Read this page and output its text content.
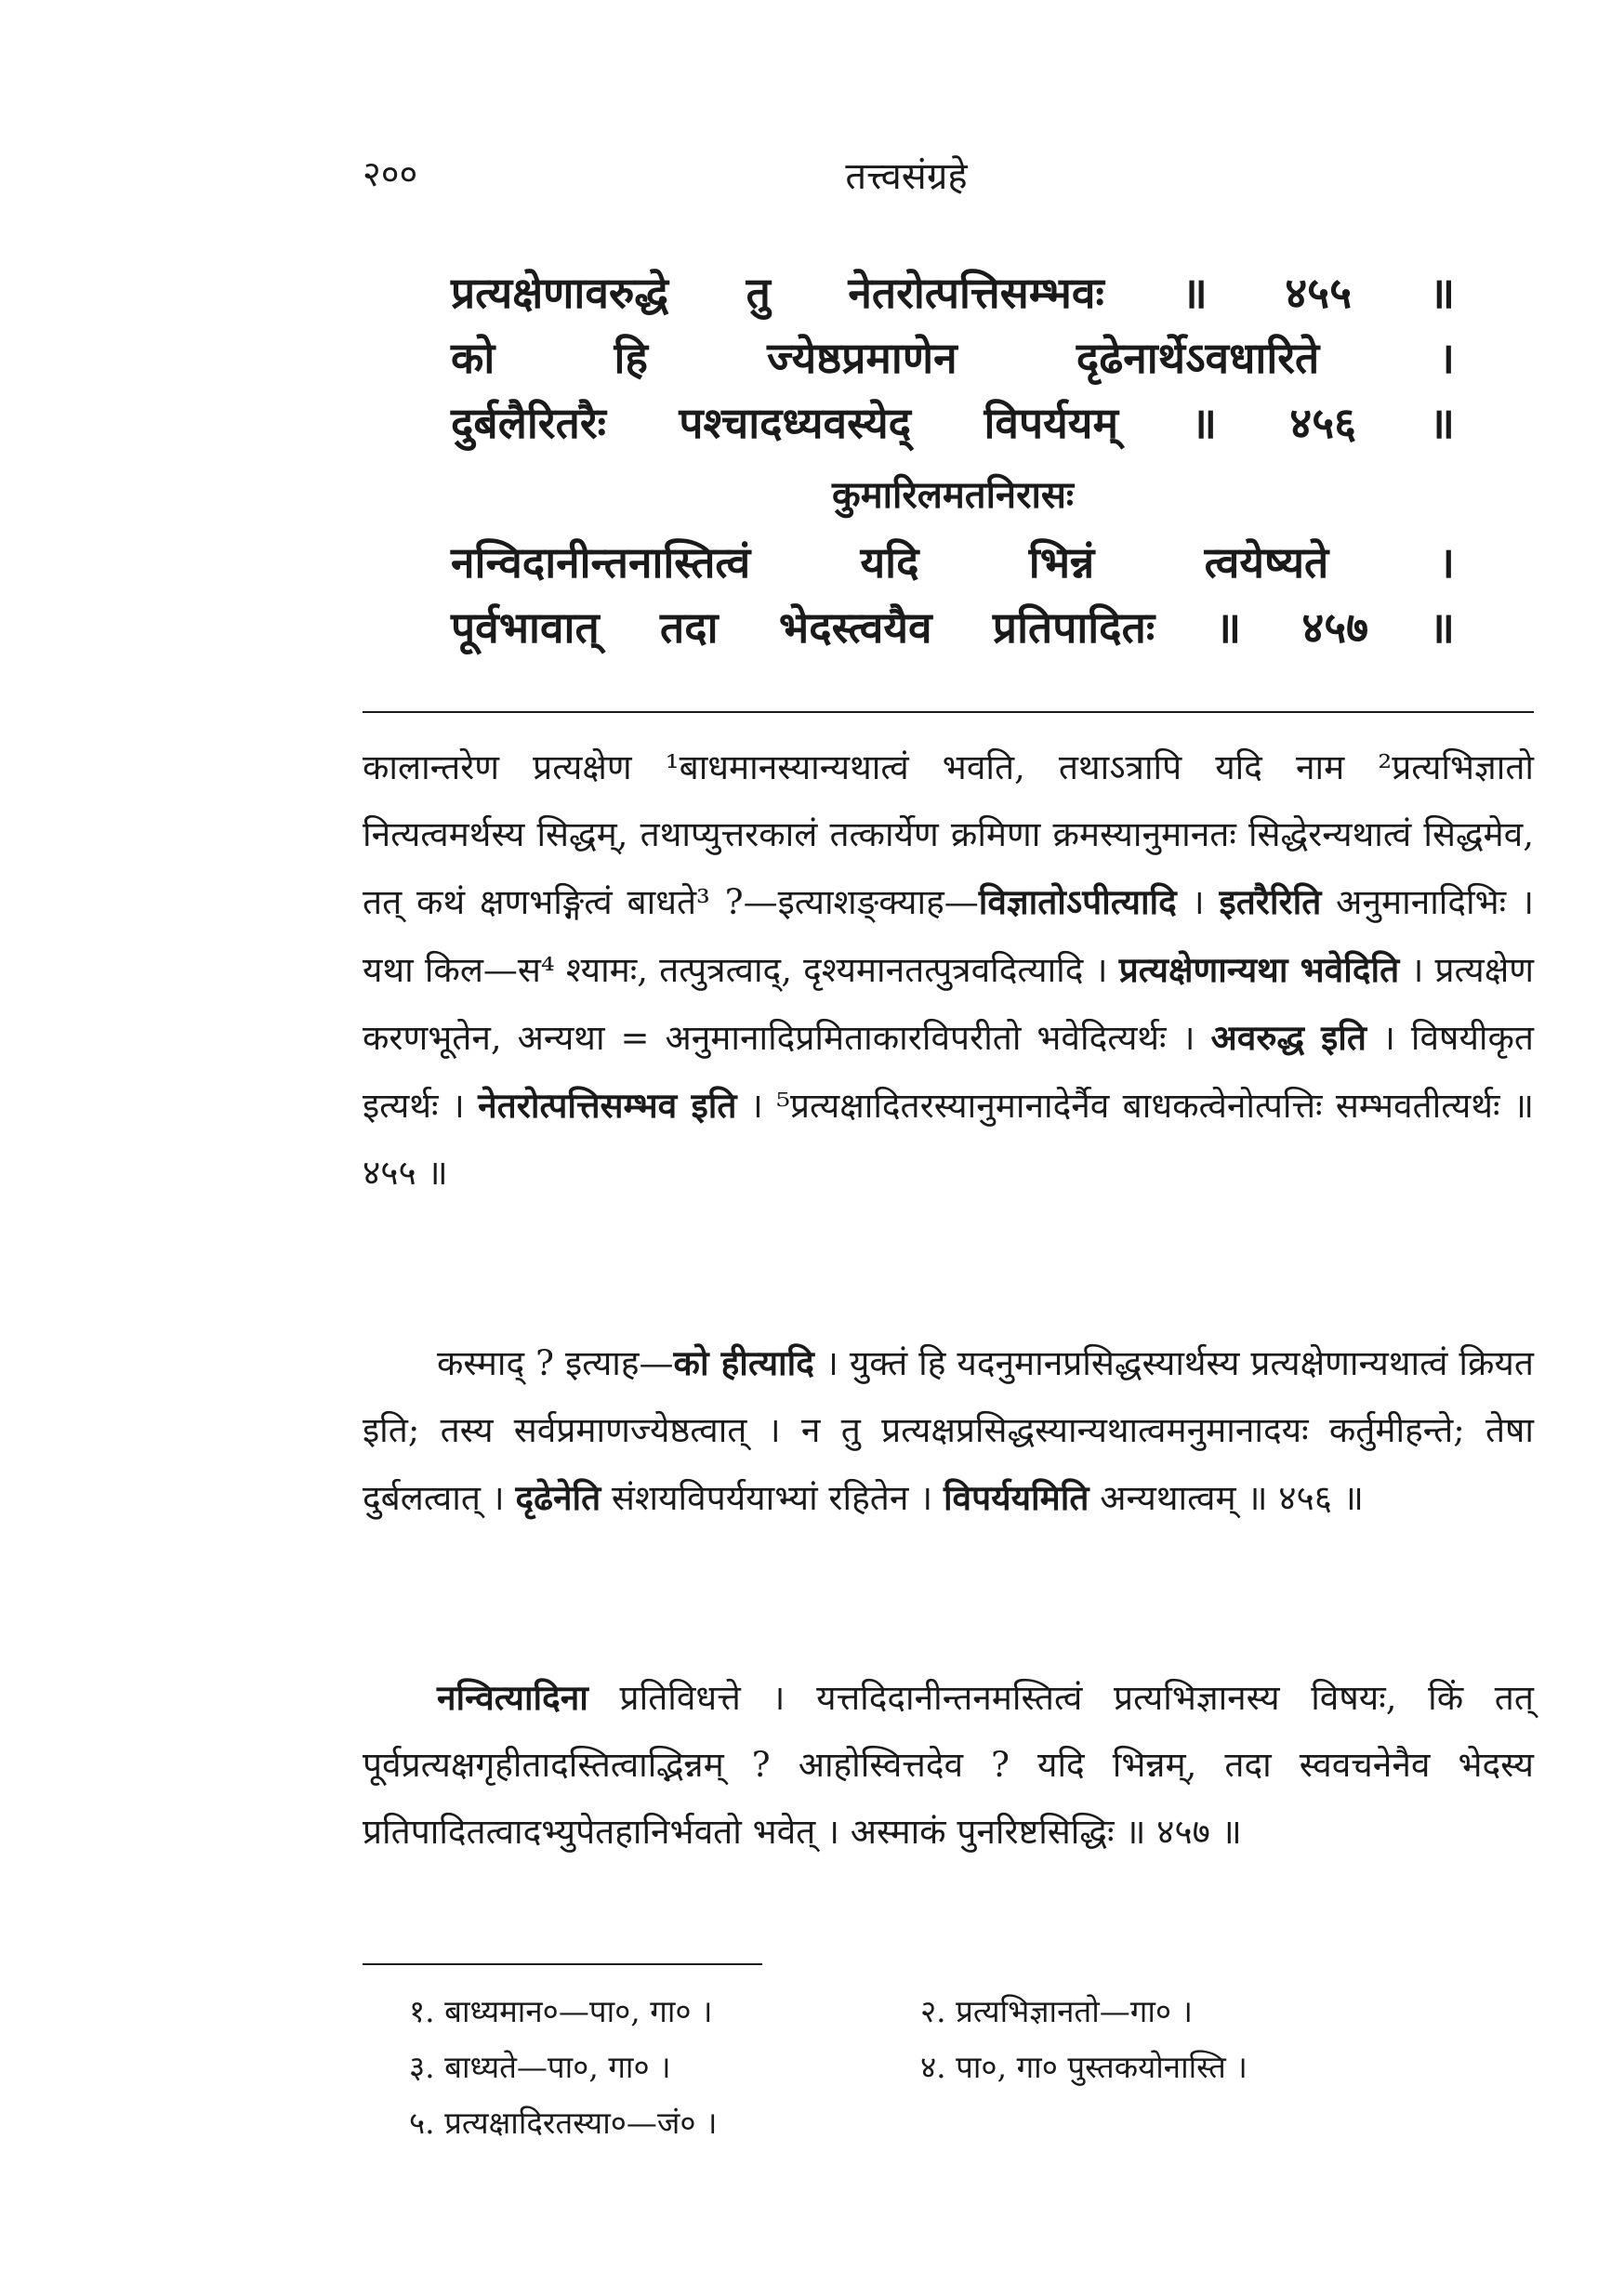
२००	तत्त्वसंग्रहे
प्रत्यक्षेणावरुद्धे तु नेतरोत्पत्तिसम्भवः ॥ ४५५ ॥
को हि ज्येष्ठप्रमाणेन दृढेनार्थेऽवधारिते ।
दुर्बलैरितरैः पश्चादध्यवस्येद् विपर्ययम् ॥ ४५६ ॥
कुमारिलमतनिरासः
नन्विदानीन्तनास्तित्वं यदि भिन्नं त्वयेष्यते ।
पूर्वभावात् तदा भेदस्त्वयैव प्रतिपादितः ॥ ४५७ ॥

कालान्तरेण प्रत्यक्षेण ¹बाधमानस्यान्यथात्वं भवति, तथाऽत्रापि यदि नाम ²प्रत्यभिज्ञातो नित्यत्वमर्थस्य सिद्धम्, तथाप्युत्तरकालं तत्कार्येण क्रमिणा क्रमस्यानुमानतः सिद्धेरन्यथात्वं सिद्धमेव, तत् कथं क्षणभङ्गित्वं बाधते³ ?—इत्याशङ्क्याह—विज्ञातोऽपीत्यादि । इतरैरिति अनुमानादिभिः । यथा किल—स⁴ श्यामः, तत्पुत्रत्वाद्, दृश्यमानतत्पुत्रवदित्यादि । प्रत्यक्षेणान्यथा भवेदिति । प्रत्यक्षेण करणभूतेन, अन्यथा = अनुमानादिप्रमिताकारविपरीतो भवेदित्यर्थः । अवरुद्ध इति । विषयीकृत इत्यर्थः । नेतरोत्पत्तिसम्भव इति । ⁵प्रत्यक्षादितरस्यानुमानादेर्नैव बाधकत्वेनोत्पत्तिः सम्भवतीत्यर्थः ॥ ४५५ ॥

कस्माद् ? इत्याह—को हीत्यादि । युक्तं हि यदनुमानप्रसिद्धस्यार्थस्य प्रत्यक्षेणान्यथात्वं क्रियत इति; तस्य सर्वप्रमाणज्येष्ठत्वात् । न तु प्रत्यक्षप्रसिद्धस्यान्यथात्वमनुमानादयः कर्तुमीहन्ते; तेषा दुर्बलत्वात् । दृढेनेति संशयविपर्ययाभ्यां रहितेन । विपर्ययमिति अन्यथात्वम् ॥ ४५६ ॥

नन्वित्यादिना प्रतिविधत्ते । यत्तदिदानीन्तनमस्तित्वं प्रत्यभिज्ञानस्य विषयः, किं तत् पूर्वप्रत्यक्षगृहीतादस्तित्वाद्भिन्नम् ? आहोस्वित्तदेव ? यदि भिन्नम्, तदा स्ववचनेनैव भेदस्य प्रतिपादितत्वादभ्युपेतहानिर्भवतो भवेत् । अस्माकं पुनरिष्टसिद्धिः ॥ ४५७ ॥

१. बाध्यमान०—पा०, गा० ।	२. प्रत्यभिज्ञानतो—गा० ।
३. बाध्यते—पा०, गा० ।	४. पा०, गा० पुस्तकयोनास्ति ।
५. प्रत्यक्षादिरतस्या०—जं० ।
